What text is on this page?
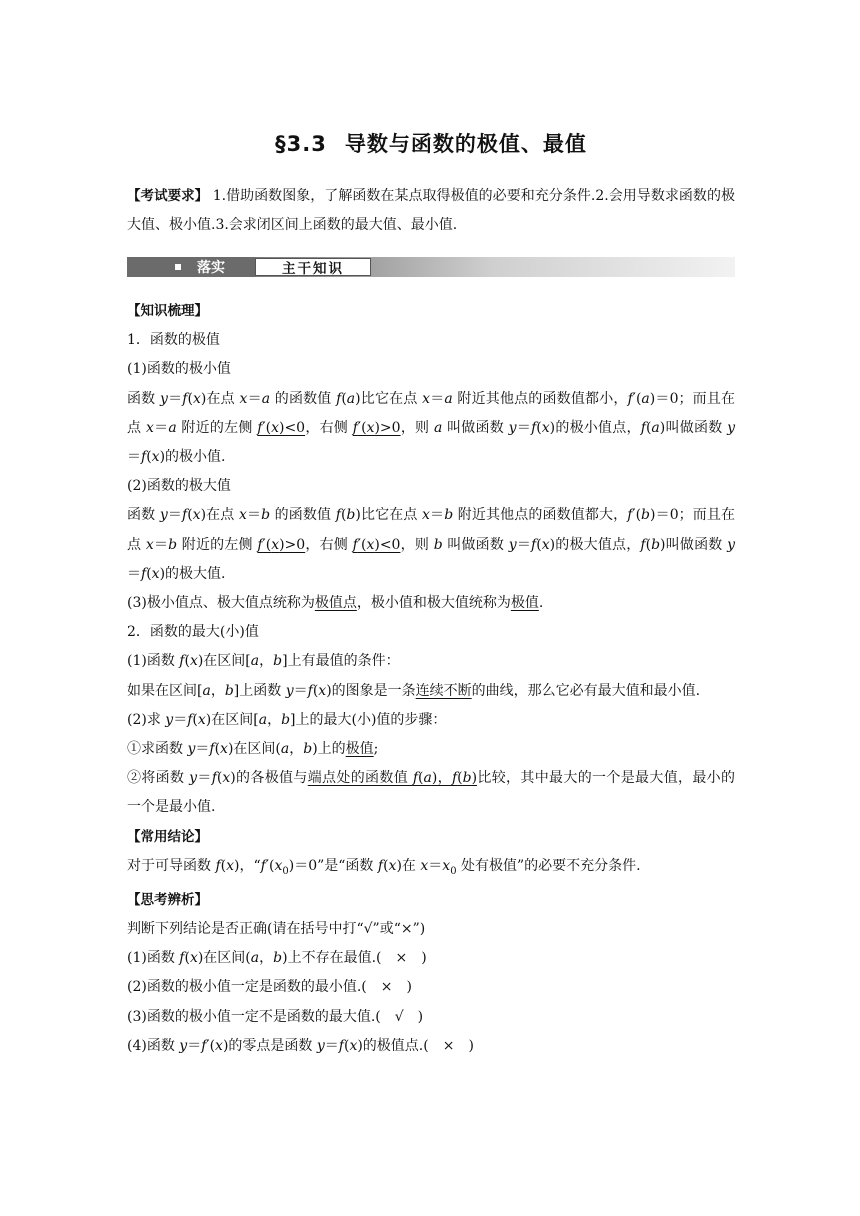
§3.3 导数与函数的极值、最值
【考试要求】 1.借助函数图象，了解函数在某点取得极值的必要和充分条件.2.会用导数求函数的极大值、极小值.3.会求闭区间上函数的最大值、最小值.
落实	主干知识

【知识梳理】

1．函数的极值

(1)函数的极小值

函数 y＝f(x)在点 x＝a 的函数值 f(a)比它在点 x＝a 附近其他点的函数值都小，f′(a)＝0；而且在点 x＝a 附近的左侧 f′(x)<0，右侧 f′(x)>0，则 a 叫做函数 y＝f(x)的极小值点，f(a)叫做函数 y＝f(x)的极小值.

(2)函数的极大值

函数 y＝f(x)在点 x＝b 的函数值 f(b)比它在点 x＝b 附近其他点的函数值都大，f′(b)＝0；而且在点 x＝b 附近的左侧 f′(x)>0，右侧 f′(x)<0，则 b 叫做函数 y＝f(x)的极大值点，f(b)叫做函数 y＝f(x)的极大值.

(3)极小值点、极大值点统称为极值点，极小值和极大值统称为极值.

2．函数的最大(小)值

(1)函数 f(x)在区间[a，b]上有最值的条件：

如果在区间[a，b]上函数 y＝f(x)的图象是一条连续不断的曲线，那么它必有最大值和最小值.

(2)求 y＝f(x)在区间[a，b]上的最大(小)值的步骤：

①求函数 y＝f(x)在区间(a，b)上的极值;

②将函数 y＝f(x)的各极值与端点处的函数值 f(a)，f(b)比较，其中最大的一个是最大值，最小的一个是最小值.

【常用结论】

对于可导函数 f(x)，“$f'(x_0)=0$”是“函数 f(x)在 $x=x_0$ 处有极值”的必要不充分条件.

【思考辨析】

判断下列结论是否正确(请在括号中打“√”或“×”)

(1)函数 f(x)在区间(a，b)上不存在最值.(　×　)

(2)函数的极小值一定是函数的最小值.(　×　)

(3)函数的极小值一定不是函数的最大值.(　√　)

(4)函数 y＝f′(x)的零点是函数 y＝f(x)的极值点.(　×　)
